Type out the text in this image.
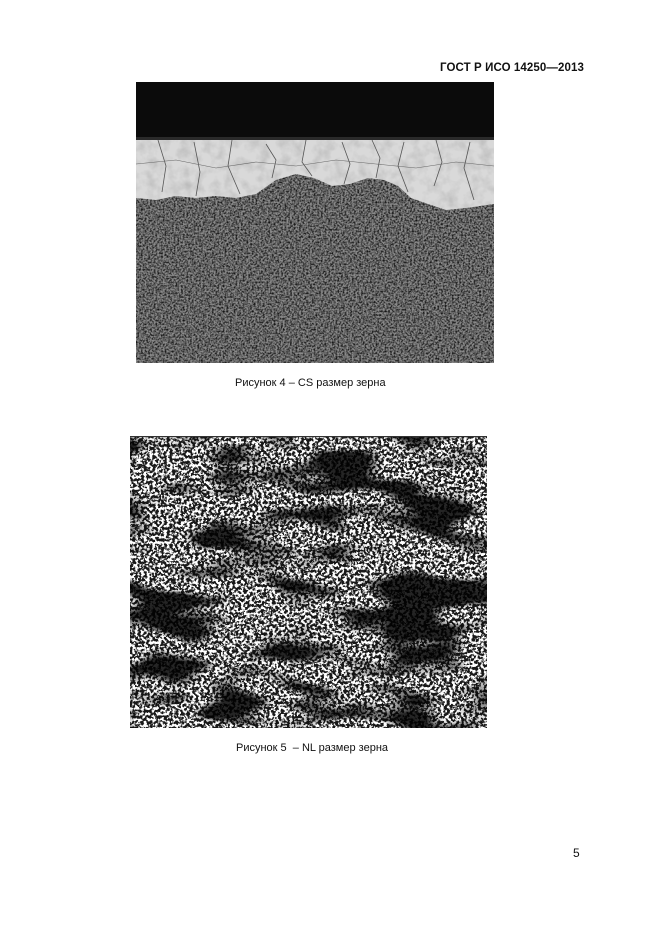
ГОСТ Р ИСО 14250—2013
Рисунок 4 – CS размер зерна
Рисунок 5  – NL размер зерна
5
